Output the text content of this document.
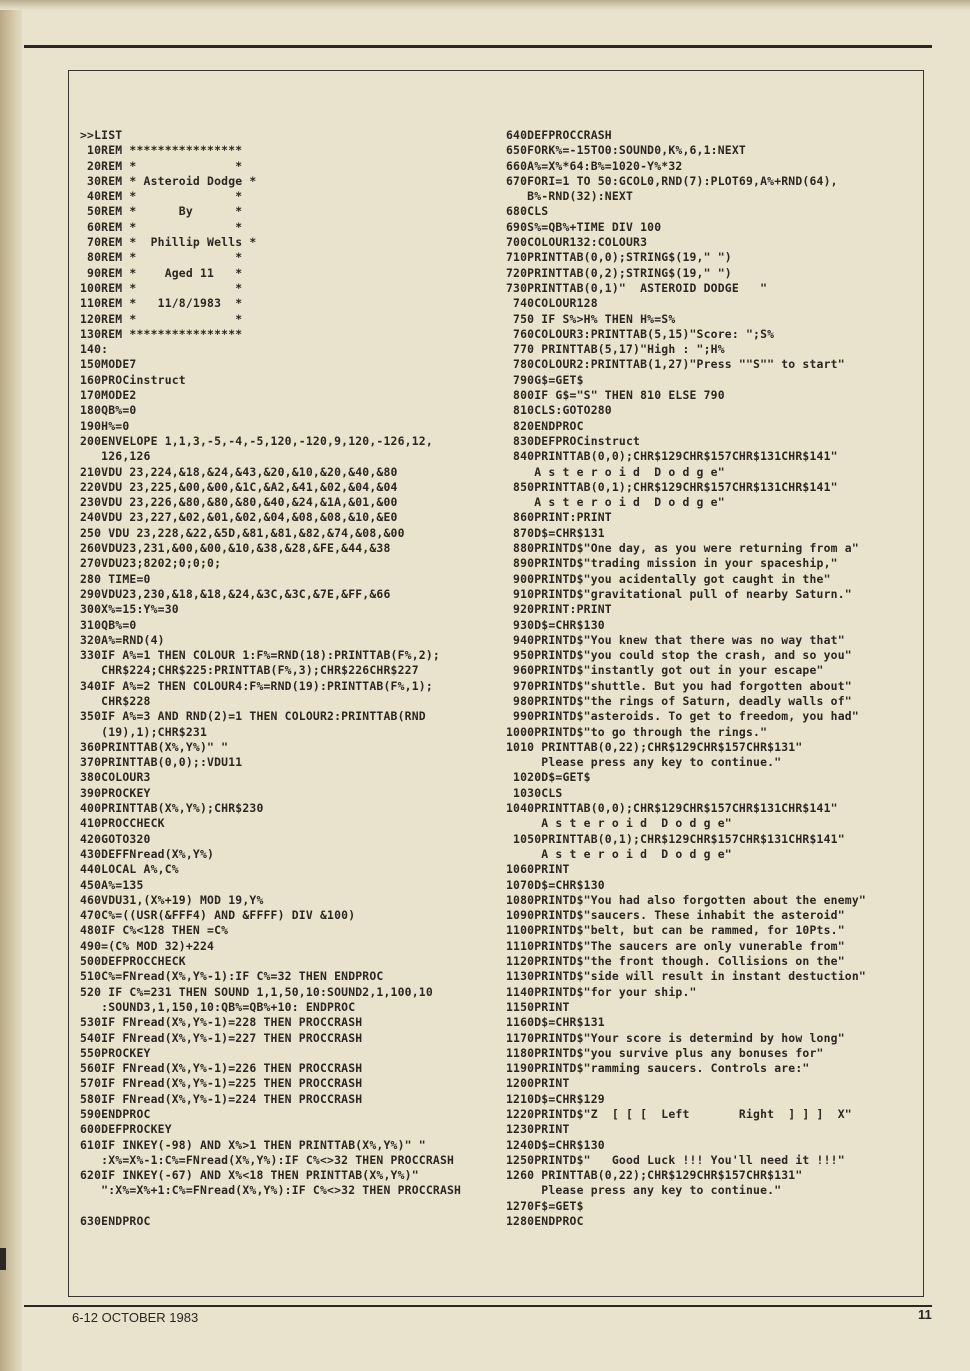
>>LIST
10REM ****************
20REM *              *
30REM * Asteroid Dodge *
40REM *              *
50REM *      By      *
60REM *              *
70REM *  Phillip Wells *
80REM *              *
90REM *    Aged 11   *
100REM *              *
110REM *   11/8/1983  *
120REM *              *
130REM ****************
140:
150MODE7
160PROCinstruct
170MODE2
180QB%=0
190H%=0
200ENVELOPE 1,1,3,-5,-4,-5,120,-120,9,120,-126,12,
126,126
210VDU 23,224,&18,&24,&43,&20,&10,&20,&40,&80
220VDU 23,225,&00,&00,&1C,&A2,&41,&02,&04,&04
230VDU 23,226,&80,&80,&80,&40,&24,&1A,&01,&00
240VDU 23,227,&02,&01,&02,&04,&08,&08,&10,&E0
250 VDU 23,228,&22,&5D,&81,&81,&82,&74,&08,&00
260VDU23,231,&00,&00,&10,&38,&28,&FE,&44,&38
270VDU23;8202;0;0;0;
280 TIME=0
290VDU23,230,&18,&18,&24,&3C,&3C,&7E,&FF,&66
300X%=15:Y%=30
310QB%=0
320A%=RND(4)
330IF A%=1 THEN COLOUR 1:F%=RND(18):PRINTTAB(F%,2);
CHR$224;CHR$225:PRINTTAB(F%,3);CHR$226CHR$227
340IF A%=2 THEN COLOUR4:F%=RND(19):PRINTTAB(F%,1);
CHR$228
350IF A%=3 AND RND(2)=1 THEN COLOUR2:PRINTTAB(RND
(19),1);CHR$231
360PRINTTAB(X%,Y%)" "
370PRINTTAB(0,0);:VDU11
380COLOUR3
390PROCKEY
400PRINTTAB(X%,Y%);CHR$230
410PROCCHECK
420GOTO320
430DEFFNread(X%,Y%)
440LOCAL A%,C%
450A%=135
460VDU31,(X%+19) MOD 19,Y%
470C%=((USR(&FFF4) AND &FFFF) DIV &100)
480IF C%<128 THEN =C%
490=(C% MOD 32)+224
500DEFPROCCHECK
510C%=FNread(X%,Y%-1):IF C%=32 THEN ENDPROC
520 IF C%=231 THEN SOUND 1,1,50,10:SOUND2,1,100,10
:SOUND3,1,150,10:QB%=QB%+10: ENDPROC
530IF FNread(X%,Y%-1)=228 THEN PROCCRASH
540IF FNread(X%,Y%-1)=227 THEN PROCCRASH
550PROCKEY
560IF FNread(X%,Y%-1)=226 THEN PROCCRASH
570IF FNread(X%,Y%-1)=225 THEN PROCCRASH
580IF FNread(X%,Y%-1)=224 THEN PROCCRASH
590ENDPROC
600DEFPROCKEY
610IF INKEY(-98) AND X%>1 THEN PRINTTAB(X%,Y%)" "
:X%=X%-1:C%=FNread(X%,Y%):IF C%<>32 THEN PROCCRASH
620IF INKEY(-67) AND X%<18 THEN PRINTTAB(X%,Y%)"
":X%=X%+1:C%=FNread(X%,Y%):IF C%<>32 THEN PROCCRASH

630ENDPROC
640DEFPROCCRASH
650FORK%=-15TO0:SOUND0,K%,6,1:NEXT
660A%=X%*64:B%=1020-Y%*32
670FORI=1 TO 50:GCOL0,RND(7):PLOT69,A%+RND(64),
B%-RND(32):NEXT
680CLS
690S%=QB%+TIME DIV 100
700COLOUR132:COLOUR3
710PRINTTAB(0,0);STRING$(19," ")
720PRINTTAB(0,2);STRING$(19," ")
730PRINTTAB(0,1)"  ASTEROID DODGE   "
740COLOUR128
750 IF S%>H% THEN H%=S%
760COLOUR3:PRINTTAB(5,15)"Score: ";S%
770 PRINTTAB(5,17)"High : ";H%
780COLOUR2:PRINTTAB(1,27)"Press ""S"" to start"
790G$=GET$
800IF G$="S" THEN 810 ELSE 790
810CLS:GOTO280
820ENDPROC
830DEFPROCinstruct
840PRINTTAB(0,0);CHR$129CHR$157CHR$131CHR$141"
A s t e r o i d  D o d g e"
850PRINTTAB(0,1);CHR$129CHR$157CHR$131CHR$141"
A s t e r o i d  D o d g e"
860PRINT:PRINT
870D$=CHR$131
880PRINTD$"One day, as you were returning from a"
890PRINTD$"trading mission in your spaceship,"
900PRINTD$"you acidentally got caught in the"
910PRINTD$"gravitational pull of nearby Saturn."
920PRINT:PRINT
930D$=CHR$130
940PRINTD$"You knew that there was no way that"
950PRINTD$"you could stop the crash, and so you"
960PRINTD$"instantly got out in your escape"
970PRINTD$"shuttle. But you had forgotten about"
980PRINTD$"the rings of Saturn, deadly walls of"
990PRINTD$"asteroids. To get to freedom, you had"
1000PRINTD$"to go through the rings."
1010 PRINTTAB(0,22);CHR$129CHR$157CHR$131"
Please press any key to continue."
1020D$=GET$
1030CLS
1040PRINTTAB(0,0);CHR$129CHR$157CHR$131CHR$141"
A s t e r o i d  D o d g e"
1050PRINTTAB(0,1);CHR$129CHR$157CHR$131CHR$141"
A s t e r o i d  D o d g e"
1060PRINT
1070D$=CHR$130
1080PRINTD$"You had also forgotten about the enemy"
1090PRINTD$"saucers. These inhabit the asteroid"
1100PRINTD$"belt, but can be rammed, for 10Pts."
1110PRINTD$"The saucers are only vunerable from"
1120PRINTD$"the front though. Collisions on the"
1130PRINTD$"side will result in instant destuction"
1140PRINTD$"for your ship."
1150PRINT
1160D$=CHR$131
1170PRINTD$"Your score is determind by how long"
1180PRINTD$"you survive plus any bonuses for"
1190PRINTD$"ramming saucers. Controls are:"
1200PRINT
1210D$=CHR$129
1220PRINTD$"Z  [ [ [  Left       Right  ] ] ]  X"
1230PRINT
1240D$=CHR$130
1250PRINTD$"   Good Luck !!! You'll need it !!!"
1260 PRINTTAB(0,22);CHR$129CHR$157CHR$131"
Please press any key to continue."
1270F$=GET$
1280ENDPROC
6-12 OCTOBER 1983	11
